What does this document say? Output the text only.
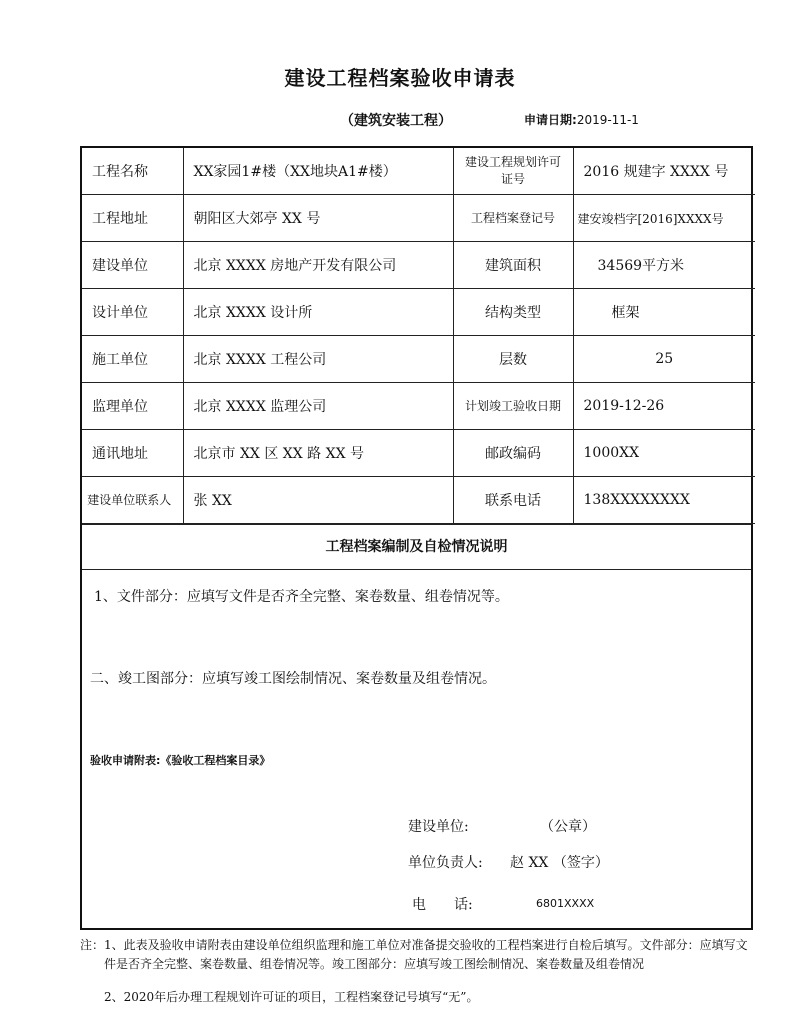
建设工程档案验收申请表
（建筑安装工程）	申请日期:2019-11-1
工程名称	XX家园1#楼（XX地块A1#楼）	建设工程规划许可证号	2016 规建字 XXXX 号
工程地址	朝阳区大郊亭 XX 号	工程档案登记号	建安竣档字[2016]XXXX号
建设单位	北京 XXXX 房地产开发有限公司	建筑面积	34569平方米
设计单位	北京 XXXX 设计所	结构类型	框架
施工单位	北京 XXXX 工程公司	层数	25
监理单位	北京 XXXX 监理公司	计划竣工验收日期	2019-12-26
通讯地址	北京市 XX 区 XX 路 XX 号	邮政编码	1000XX
建设单位联系人	张 XX	联系电话	138XXXXXXXX
工程档案编制及自检情况说明
1、文件部分：应填写文件是否齐全完整、案卷数量、组卷情况等。
二、竣工图部分：应填写竣工图绘制情况、案卷数量及组卷情况。
验收申请附表:《验收工程档案目录》
建设单位:	（公章）
单位负责人: 赵 XX （签字）
电　　话:	6801XXXX
注：1、此表及验收申请附表由建设单位组织监理和施工单位对准备提交验收的工程档案进行自检后填写。文件部分：应填写文件是否齐全完整、案卷数量、组卷情况等。竣工图部分：应填写竣工图绘制情况、案卷数量及组卷情况
2、2020年后办理工程规划许可证的项目，工程档案登记号填写“无”。
